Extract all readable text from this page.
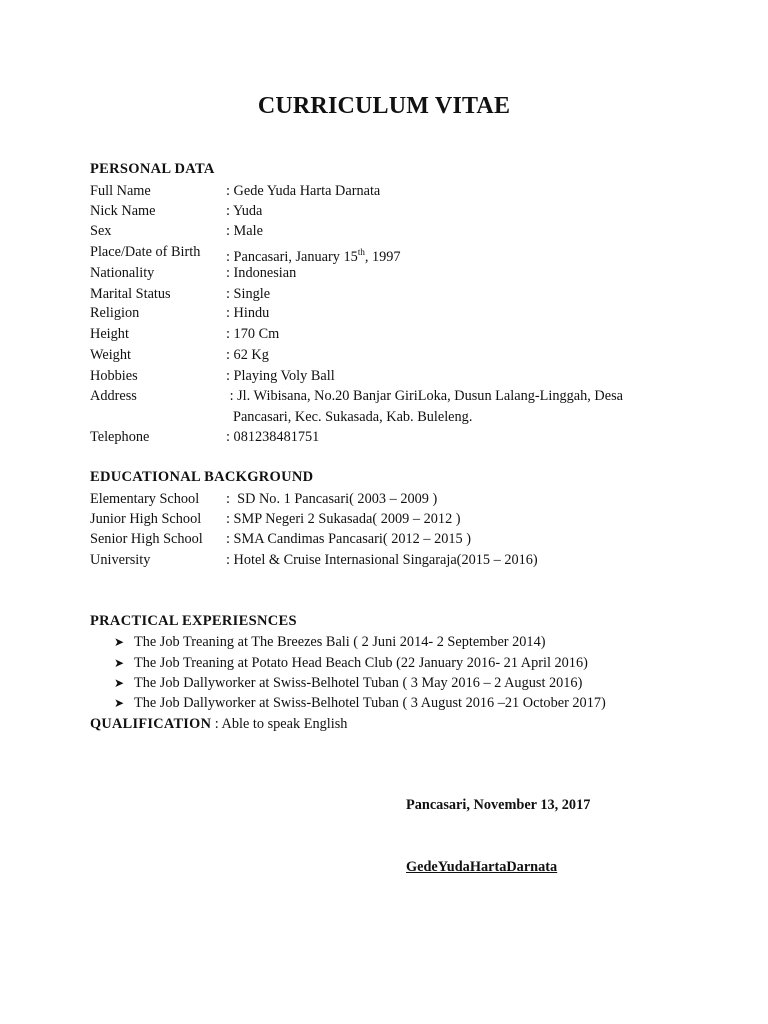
CURRICULUM VITAE
PERSONAL DATA
Full Name	: Gede Yuda Harta Darnata
Nick Name	: Yuda
Sex	: Male
Place/Date of Birth : Pancasari, January 15th, 1997
Nationality	: Indonesian
Marital Status	: Single
Religion	: Hindu
Height	: 170 Cm
Weight	: 62 Kg
Hobbies	: Playing Voly Ball
Address	: Jl. Wibisana, No.20 Banjar GiriLoka, Dusun Lalang-Linggah, Desa
Pancasari, Kec. Sukasada, Kab. Buleleng.
Telephone	: 081238481751
EDUCATIONAL BACKGROUND
Elementary School :  SD No. 1 Pancasari( 2003 – 2009 )
Junior High School : SMP Negeri 2 Sukasada( 2009 – 2012 )
Senior High School : SMA Candimas Pancasari( 2012 – 2015 )
University	: Hotel & Cruise Internasional Singaraja(2015 – 2016)
PRACTICAL EXPERIESNCES
➤ The Job Treaning at The Breezes Bali ( 2 Juni 2014- 2 September 2014)
➤ The Job Treaning at Potato Head Beach Club (22 January 2016- 21 April 2016)
➤ The Job Dallyworker at Swiss-Belhotel Tuban ( 3 May 2016 – 2 August 2016)
➤ The Job Dallyworker at Swiss-Belhotel Tuban ( 3 August 2016 –21 October 2017)
QUALIFICATION : Able to speak English
Pancasari, November 13, 2017
GedeYudaHartaDarnata
